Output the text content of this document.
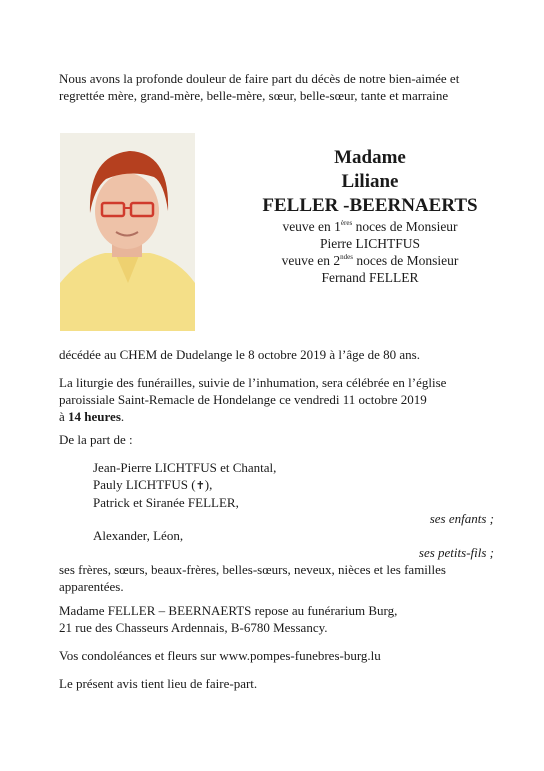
Nous avons la profonde douleur de faire part du décès de notre bien-aimée et regrettée mère, grand-mère, belle-mère, sœur, belle-sœur, tante et marraine
Madame
Liliane
FELLER -BEERNAERTS
veuve en 1ères noces de Monsieur
Pierre LICHTFUS
veuve en $2^{ndes}$ noces de Monsieur
Fernand FELLER
décédée au CHEM de Dudelange le 8 octobre 2019 à l’âge de 80 ans.
La liturgie des funérailles, suivie de l’inhumation, sera célébrée en l’église paroissiale Saint-Remacle de Hondelange ce vendredi 11 octobre 2019
à 14 heures.
De la part de :
Jean-Pierre LICHTFUS et Chantal,
Pauly LICHTFUS (✝),
Patrick et Siranée FELLER,
ses enfants ;
Alexander, Léon,
ses petits-fils ;
ses frères, sœurs, beaux-frères, belles-sœurs, neveux, nièces et les familles apparentées.
Madame FELLER – BEERNAERTS repose au funérarium Burg,
21 rue des Chasseurs Ardennais, B-6780 Messancy.
Vos condoléances et fleurs sur www.pompes-funebres-burg.lu
Le présent avis tient lieu de faire-part.
